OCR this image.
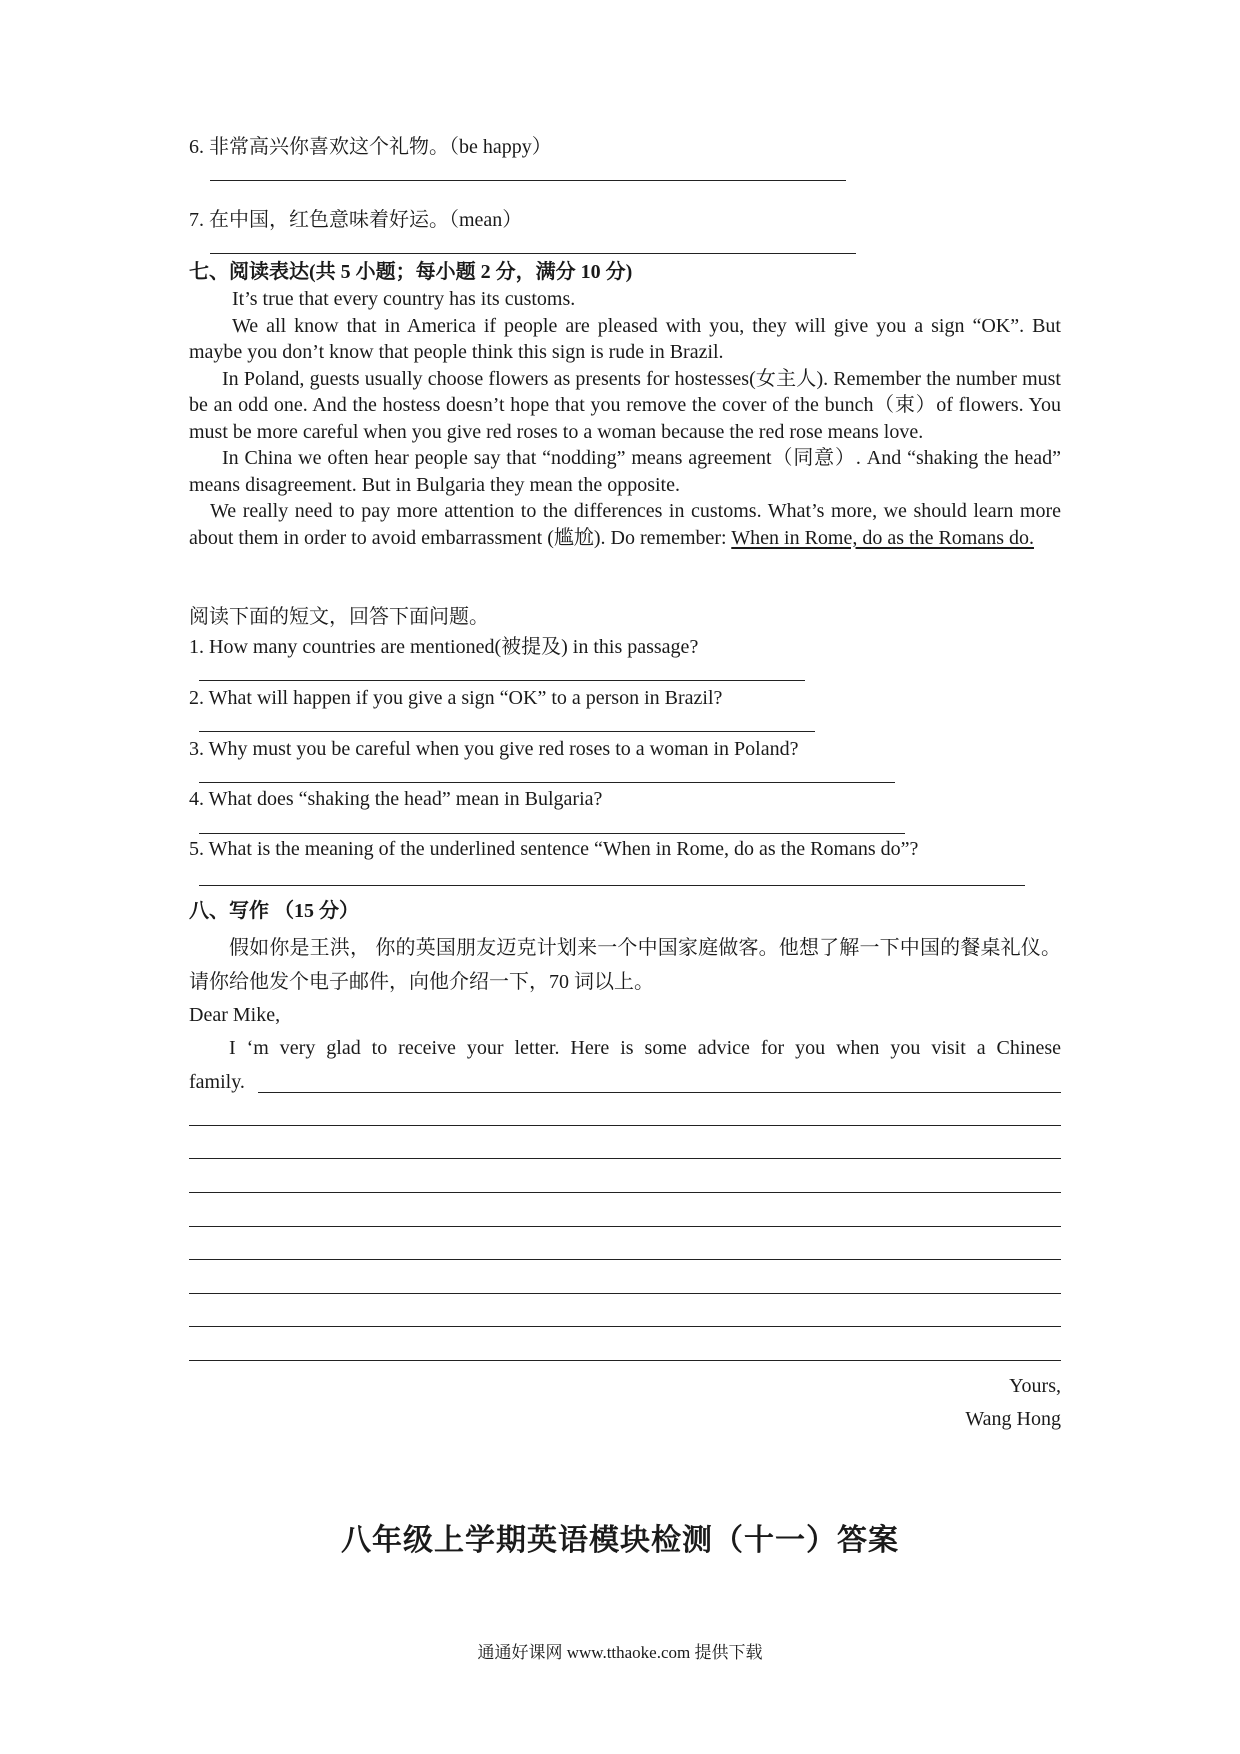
6. 非常高兴你喜欢这个礼物。（be happy）
7. 在中国，红色意味着好运。（mean）
七、阅读表达(共 5 小题；每小题 2 分，满分 10 分)

It’s true that every country has its customs.

We all know that in America if people are pleased with you, they will give you a sign “OK”. But maybe you don’t know that people think this sign is rude in Brazil.

In Poland, guests usually choose flowers as presents for hostesses(女主人). Remember the number must be an odd one. And the hostess doesn’t hope that you remove the cover of the bunch（束）of flowers. You must be more careful when you give red roses to a woman because the red rose means love.

In China we often hear people say that “nodding” means agreement（同意）. And “shaking the head” means disagreement. But in Bulgaria they mean the opposite.

We really need to pay more attention to the differences in customs. What’s more, we should learn more about them in order to avoid embarrassment (尴尬). Do remember: When in Rome, do as the Romans do.

阅读下面的短文，回答下面问题。
1. How many countries are mentioned(被提及) in this passage?
2. What will happen if you give a sign “OK” to a person in Brazil?
3. Why must you be careful when you give red roses to a woman in Poland?
4. What does “shaking the head” mean in Bulgaria?
5. What is the meaning of the underlined sentence “When in Rome, do as the Romans do”?
八、写作 （15 分）
假如你是王洪， 你的英国朋友迈克计划来一个中国家庭做客。他想了解一下中国的餐桌礼仪。请你给他发个电子邮件，向他介绍一下，70 词以上。
Dear Mike,
I ‘m very glad to receive your letter. Here is some advice for you when you visit a Chinese
family.
Yours,
Wang Hong
八年级上学期英语模块检测（十一）答案
通通好课网 www.tthaoke.com 提供下载
